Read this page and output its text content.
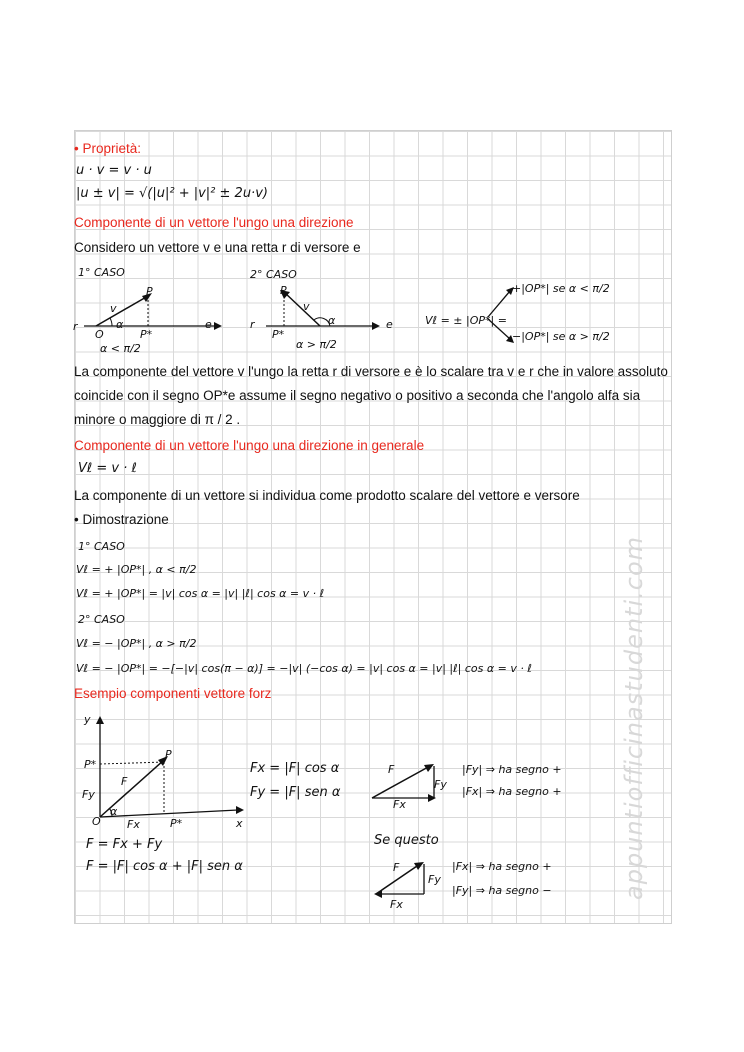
appuntiofficinastudenti.com
• Proprietà:
u · v = v · u
|u ± v| = √(|u|² + |v|² ± 2u·v)
Componente di un vettore l'ungo una direzione
Considero un vettore v e una retta r di versore e
1° CASO
r
O
P
P*
v
α	e
α < π/2
2° CASO
r
P*
P
v
α	e
α > π/2
Vℓ = ± |OP*| =
+|OP*| se α < π/2
−|OP*| se α > π/2
La componente del vettore v l'ungo la retta r di versore e è lo scalare tra v e r che in valore assoluto
coincide con il segno OP*e assume il segno negativo o positivo a seconda che l'angolo alfa sia
minore o maggiore di π / 2 .
Componente di un vettore l'ungo una direzione in generale
Vℓ = v · ℓ
La componente di un vettore si individua come prodotto scalare del vettore e versore
• Dimostrazione
1° CASO
Vℓ = + |OP*| , α < π/2
Vℓ = + |OP*| = |v| cos α = |v| |ℓ| cos α = v · ℓ
2° CASO
Vℓ = − |OP*| , α > π/2
Vℓ = − |OP*| = −[−|v| cos(π − α)] = −|v| (−cos α) = |v| cos α = |v| |ℓ| cos α = v · ℓ
Esempio componenti vettore forz
y
P*
P
F
Fy
Fx
O
α
P*	x
F = Fx + Fy
F = |F| cos α + |F| sen α
Fx = |F| cos α
Fy = |F| sen α
F
Fy
Fx
|Fy| ⇒ ha segno +
|Fx| ⇒ ha segno +
Se questo
F
Fy
Fx
|Fx| ⇒ ha segno +
|Fy| ⇒ ha segno −
